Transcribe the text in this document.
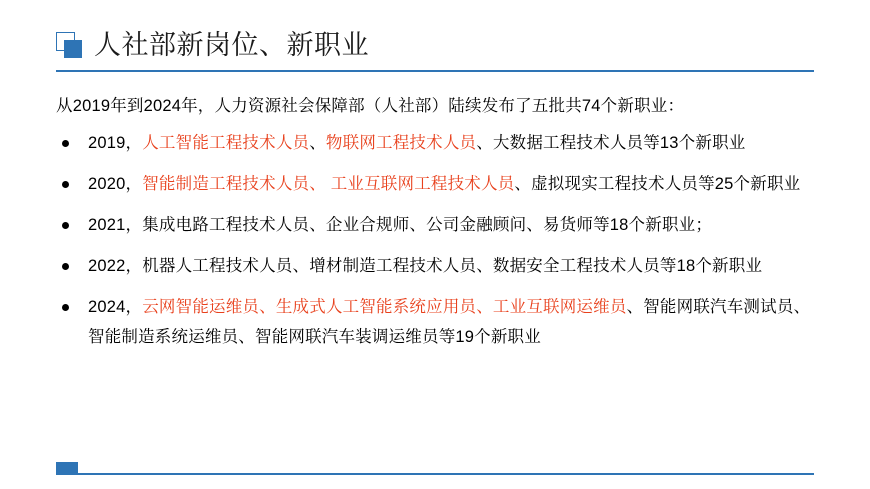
人社部新岗位、新职业

从2019年到2024年，人力资源社会保障部（人社部）陆续发布了五批共74个新职业：

2019，人工智能工程技术人员、物联网工程技术人员、大数据工程技术人员等13个新职业
2020，智能制造工程技术人员、 工业互联网工程技术人员、虚拟现实工程技术人员等25个新职业
2021，集成电路工程技术人员、企业合规师、公司金融顾问、易货师等18个新职业；
2022，机器人工程技术人员、增材制造工程技术人员、数据安全工程技术人员等18个新职业
2024，云网智能运维员、生成式人工智能系统应用员、工业互联网运维员、智能网联汽车测试员、智能制造系统运维员、智能网联汽车装调运维员等19个新职业
